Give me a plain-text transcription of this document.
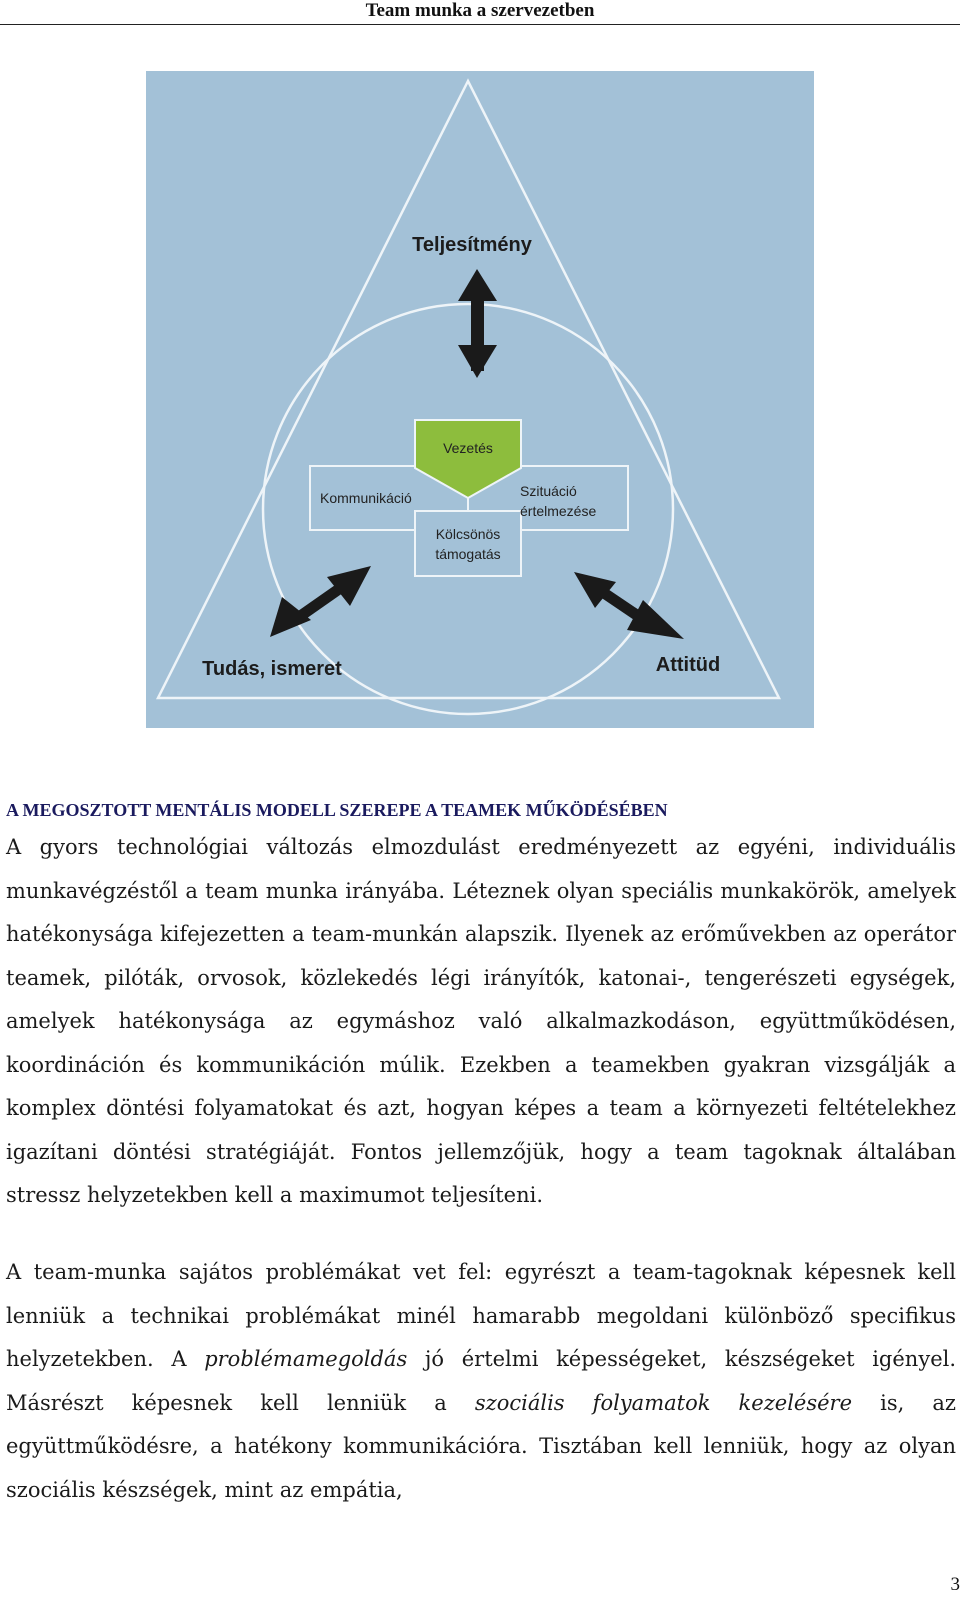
Team munka a szervezetben
Teljesítmény
Tudás, ismeret	Attitüd
Vezetés
Kommunikáció	Szituáció
értelmezése
Kölcsönös
támogatás
A MEGOSZTOTT MENTÁLIS MODELL SZEREPE A TEAMEK MŰKÖDÉSÉBEN
A gyors technológiai változás elmozdulást eredményezett az egyéni, individuális munkavégzéstől a team munka irányába. Léteznek olyan speciális munkakörök, amelyek hatékonysága kifejezetten a team-munkán alapszik. Ilyenek az erőművekben az operátor teamek, pilóták, orvosok, közlekedés légi irányítók, katonai-, tengerészeti egységek, amelyek hatékonysága az egymáshoz való alkalmazkodáson, együttműködésen, koordináción és kommunikáción múlik. Ezekben a teamekben gyakran vizsgálják a komplex döntési folyamatokat és azt, hogyan képes a team a környezeti feltételekhez igazítani döntési stratégiáját. Fontos jellemzőjük, hogy a team tagoknak általában stressz helyzetekben kell a maximumot teljesíteni.
A team-munka sajátos problémákat vet fel: egyrészt a team-tagoknak képesnek kell lenniük a technikai problémákat minél hamarabb megoldani különböző specifikus helyzetekben. A problémamegoldás jó értelmi képességeket, készségeket igényel. Másrészt képesnek kell lenniük a szociális folyamatok kezelésére is, az együttműködésre, a hatékony kommunikációra. Tisztában kell lenniük, hogy az olyan szociális készségek, mint az empátia,
3
